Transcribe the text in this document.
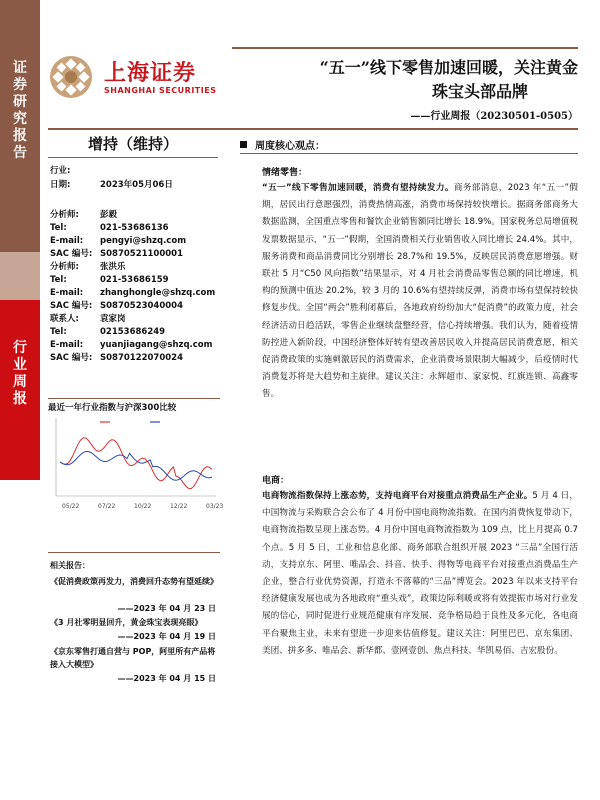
证券研究报告
行业周报
上海证券
SHANGHAI SECURITIES
“五一”线下零售加速回暖，关注黄金
珠宝头部品牌
——行业周报（20230501-0505）
增持（维持）
行业:
日期:	2023年05月06日
分析师:	彭毅
Tel:	021-53686136
E-mail:	pengyi@shzq.com
SAC 编号: S0870521100001
分析师:	张洪乐
Tel:	021-53686159
E-mail:	zhanghongle@shzq.com
SAC 编号: S0870523040004
联系人:	袁家岗
Tel:	02153686249
E-mail:	yuanjiagang@shzq.com
SAC 编号: S0870122070024
最近一年行业指数与沪深300比较
05/22	07/22	10/22	12/22	03/23
相关报告：
《促消费政策再发力，消费回升态势有望延续》
——2023 年 04 月 23 日
《3 月社零明显回升，黄金珠宝表现亮眼》
——2023 年 04 月 19 日
《京东零售打通自营与 POP，阿里所有产品将接入大模型》
——2023 年 04 月 15 日
周度核心观点：
情绪零售：
“五一”线下零售加速回暖，消费有望持续发力。商务部消息，2023 年“五一”假期，居民出行意愿强烈，消费热情高涨，消费市场保持较快增长。据商务部商务大数据监测，全国重点零售和餐饮企业销售额同比增长 18.9%。国家税务总局增值税发票数据显示，“五一”假期，全国消费相关行业销售收入同比增长 24.4%。其中，服务消费和商品消费同比分别增长 28.7%和 19.5%，反映居民消费意愿增强。财联社 5 月“C50 风向指数”结果显示，对 4 月社会消费品零售总额的同比增速，机构的预测中值达 20.2%，较 3 月的 10.6%有望持续反弹，消费市场有望保持较快修复步伐。全国“两会”胜利闭幕后，各地政府纷纷加大“促消费”的政策力度，社会经济活动日趋活跃，零售企业继续盘整经营，信心持续增强。我们认为，随着疫情防控进入新阶段，中国经济整体好转有望改善居民收入并提高居民消费意愿，相关促消费政策的实施刺激居民的消费需求，企业消费场景限制大幅减少，后疫情时代消费复苏将是大趋势和主旋律。建议关注：永辉超市、家家悦、红旗连锁、高鑫零售。
电商：
电商物流指数保持上涨态势，支持电商平台对接重点消费品生产企业。5 月 4 日，中国物流与采购联合会公布了 4 月份中国电商物流指数。在国内消费恢复带动下，电商物流指数呈现上涨态势。4 月份中国电商物流指数为 109 点，比上月提高 0.7 个点。5 月 5 日，工业和信息化部、商务部联合组织开展 2023 “三品”全国行活动，支持京东、阿里、唯品会、抖音、快手、得物等电商平台对接重点消费品生产企业，整合行业优势资源，打造永不落幕的“三品”博览会。2023 年以来支持平台经济健康发展也成为各地政府“重头戏”，政策边际利暖或将有效提振市场对行业发展的信心，同时促进行业规范健康有序发展、竞争格局趋于良性及多元化，各电商平台聚焦主业，未来有望进一步迎来估值修复。建议关注：阿里巴巴、京东集团、美团、拼多多、唯品会、新华都、壹网壹创、焦点科技、华凯易佰、吉宏股份。
